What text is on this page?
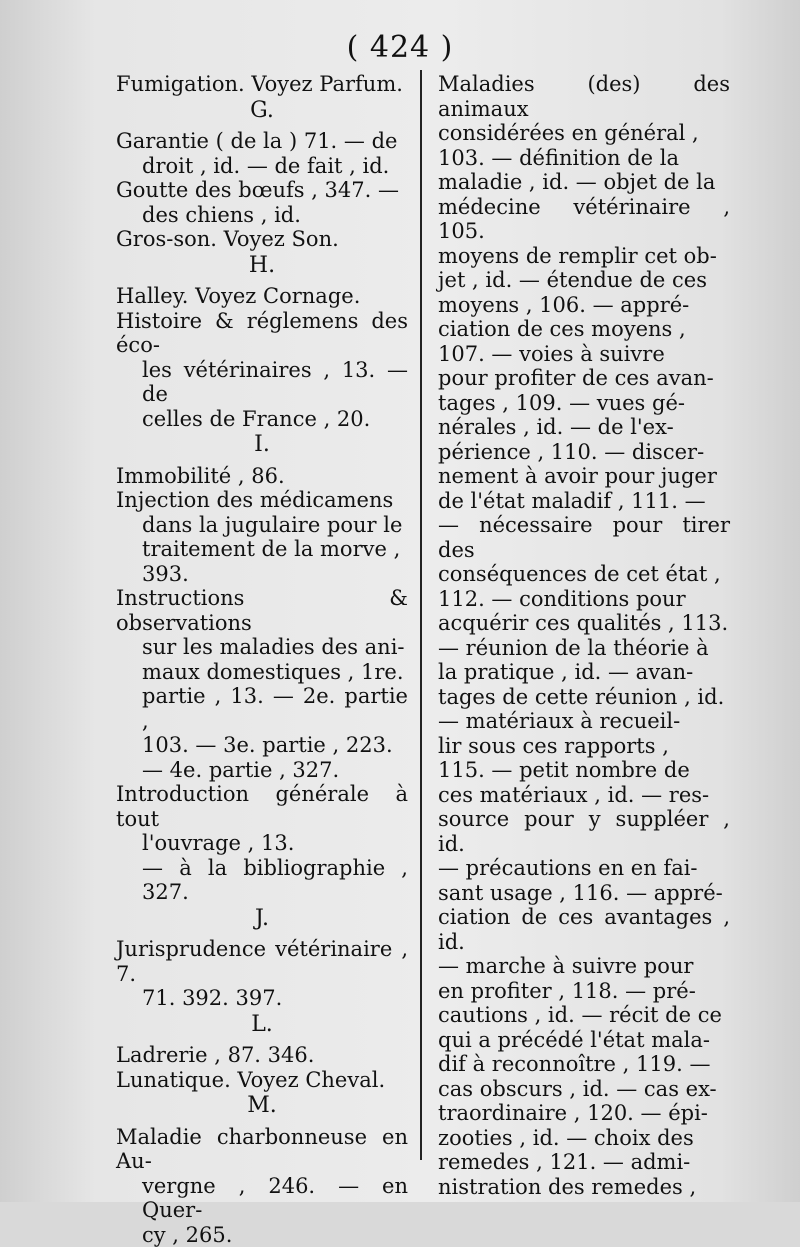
( 424 )
Fumigation. Voyez Parfum.
G.
Garantie ( de la ) 71. — de
droit , id. — de fait , id.
Goutte des bœufs , 347. —
des chiens , id.
Gros-son. Voyez Son.
H.
Halley. Voyez Cornage.
Histoire & réglemens des éco-
les vétérinaires , 13. — de
celles de France , 20.
I.
Immobilité , 86.
Injection des médicamens
dans la jugulaire pour le
traitement de la morve ,
393.
Instructions & observations
sur les maladies des ani-
maux domestiques , 1re.
partie , 13. — 2e. partie ,
103. — 3e. partie , 223.
— 4e. partie , 327.
Introduction générale à tout
l'ouvrage , 13.
— à la bibliographie , 327.
J.
Jurisprudence vétérinaire , 7.
71. 392. 397.
L.
Ladrerie , 87. 346.
Lunatique. Voyez Cheval.
M.
Maladie charbonneuse en Au-
vergne , 246. — en Quer-
cy , 265.
Maladies (des) des animaux
considérées en général ,
103. — définition de la
maladie , id. — objet de la
médecine vétérinaire , 105.
moyens de remplir cet ob-
jet , id. — étendue de ces
moyens , 106. — appré-
ciation de ces moyens ,
107. — voies à suivre
pour profiter de ces avan-
tages , 109. — vues gé-
nérales , id. — de l'ex-
périence , 110. — discer-
nement à avoir pour juger
de l'état maladif , 111. —
— nécessaire pour tirer des
conséquences de cet état ,
112. — conditions pour
acquérir ces qualités , 113.
— réunion de la théorie à
la pratique , id. — avan-
tages de cette réunion , id.
— matériaux à recueil-
lir sous ces rapports ,
115. — petit nombre de
ces matériaux , id. — res-
source pour y suppléer , id.
— précautions en en fai-
sant usage , 116. — appré-
ciation de ces avantages , id.
— marche à suivre pour
en profiter , 118. — pré-
cautions , id. — récit de ce
qui a précédé l'état mala-
dif à reconnoître , 119. —
cas obscurs , id. — cas ex-
traordinaire , 120. — épi-
zooties , id. — choix des
remedes , 121. — admi-
nistration des remedes ,
